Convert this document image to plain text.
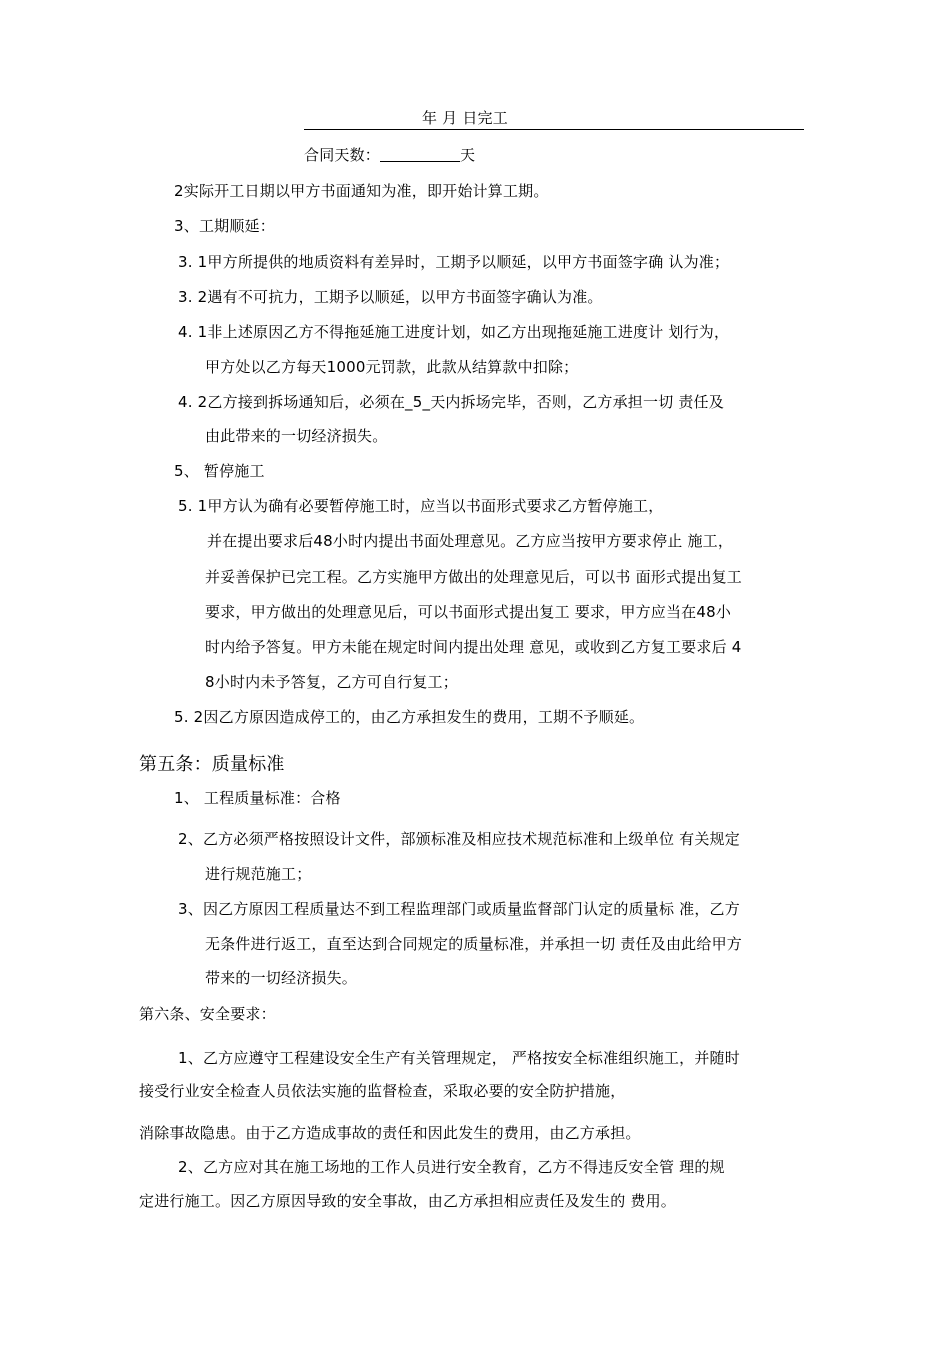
年 月 日完工
合同天数：	天
2实际开工日期以甲方书面通知为准，即开始计算工期。
3、工期顺延：
3. 1甲方所提供的地质资料有差异时，工期予以顺延，以甲方书面签字确 认为准；
3. 2遇有不可抗力，工期予以顺延，以甲方书面签字确认为准。
4. 1非上述原因乙方不得拖延施工进度计划，如乙方出现拖延施工进度计 划行为，
甲方处以乙方每天1000元罚款，此款从结算款中扣除；
4. 2乙方接到拆场通知后，必须在_5_天内拆场完毕，否则，乙方承担一切 责任及
由此带来的一切经济损失。
5、 暂停施工
5. 1甲方认为确有必要暂停施工时，应当以书面形式要求乙方暂停施工，
并在提出要求后48小时内提出书面处理意见。乙方应当按甲方要求停止 施工，
并妥善保护已完工程。乙方实施甲方做出的处理意见后，可以书 面形式提出复工
要求，甲方做出的处理意见后，可以书面形式提出复工 要求，甲方应当在48小
时内给予答复。甲方未能在规定时间内提出处理 意见，或收到乙方复工要求后 4
8小时内未予答复，乙方可自行复工；
5. 2因乙方原因造成停工的，由乙方承担发生的费用，工期不予顺延。
第五条：质量标准
1、 工程质量标准：合格
2、乙方必须严格按照设计文件，部颁标准及相应技术规范标准和上级单位 有关规定
进行规范施工；
3、因乙方原因工程质量达不到工程监理部门或质量监督部门认定的质量标 准，乙方
无条件进行返工，直至达到合同规定的质量标准，并承担一切 责任及由此给甲方
带来的一切经济损失。
第六条、安全要求：
1、乙方应遵守工程建设安全生产有关管理规定， 严格按安全标准组织施工，并随时
接受行业安全检查人员依法实施的监督检查，采取必要的安全防护措施，
消除事故隐患。由于乙方造成事故的责任和因此发生的费用，由乙方承担。
2、乙方应对其在施工场地的工作人员进行安全教育，乙方不得违反安全管 理的规
定进行施工。因乙方原因导致的安全事故，由乙方承担相应责任及发生的 费用。
